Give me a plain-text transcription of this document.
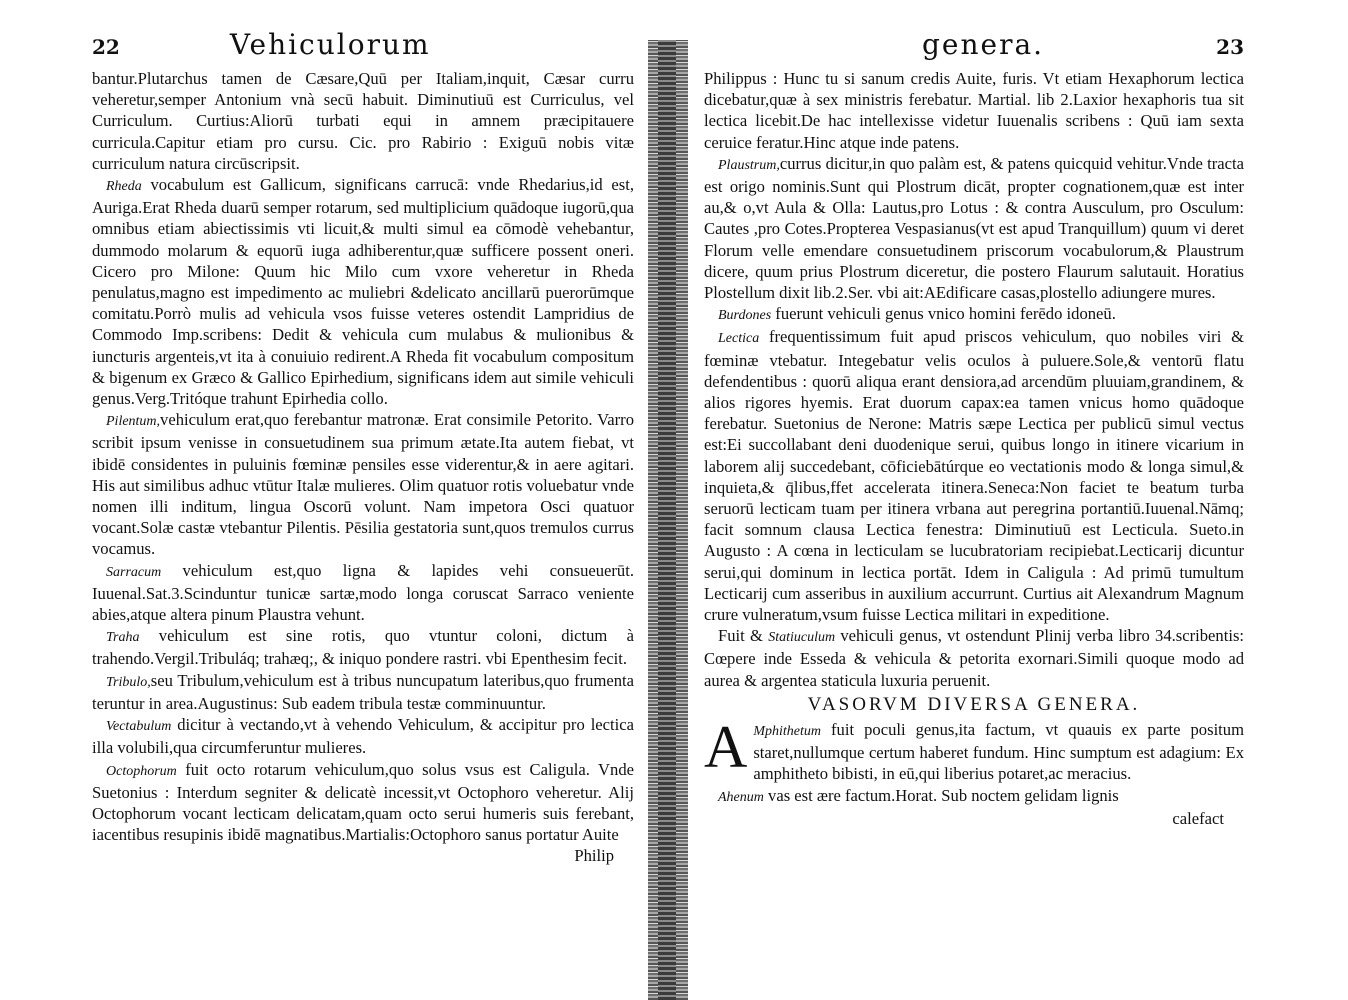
22	Vehiculorum

bantur.Plutarchus tamen de Cæsare,Quū per Italiam,inquit, Cæsar curru veheretur,semper Antonium vnà secū habuit. Diminutiuū est Curriculus, vel Curriculum. Curtius:Aliorū turbati equi in amnem præcipitauere curricula.Capitur etiam pro cursu. Cic. pro Rabirio : Exiguū nobis vitæ curriculum natura circūscripsit.

Rheda vocabulum est Gallicum, significans carrucā: vnde Rhedarius,id est, Auriga.Erat Rheda duarū semper rotarum, sed multiplicium quādoque iugorū,qua omnibus etiam abiectissimis vti licuit,& multi simul ea cōmodè vehebantur, dummodo molarum & equorū iuga adhiberentur,quæ sufficere possent oneri. Cicero pro Milone: Quum hic Milo cum vxore veheretur in Rheda penulatus,magno est impedimento ac muliebri &delicato ancillarū puerorūmque comitatu.Porrò mulis ad vehicula vsos fuisse veteres ostendit Lampridius de Commodo Imp.scribens: Dedit & vehicula cum mulabus & mulionibus & iuncturis argenteis,vt ita à conuiuio redirent.A Rheda fit vocabulum compositum & bigenum ex Græco & Gallico Epirhedium, significans idem aut simile vehiculi genus.Verg.Tritóque trahunt Epirhedia collo.

Pilentum,vehiculum erat,quo ferebantur matronæ. Erat consimile Petorito. Varro scribit ipsum venisse in consuetudinem sua primum ætate.Ita autem fiebat, vt ibidē considentes in puluinis fœminæ pensiles esse viderentur,& in aere agitari. His aut similibus adhuc vtūtur Italæ mulieres. Olim quatuor rotis voluebatur vnde nomen illi inditum, lingua Oscorū volunt. Nam impetora Osci quatuor vocant.Solæ castæ vtebantur Pilentis. Pēsilia gestatoria sunt,quos tremulos currus vocamus.

Sarracum vehiculum est,quo ligna & lapides vehi consueuerūt. Iuuenal.Sat.3.Scinduntur tunicæ sartæ,modo longa coruscat Sarraco veniente abies,atque altera pinum Plaustra vehunt.

Traha vehiculum est sine rotis, quo vtuntur coloni, dictum à trahendo.Vergil.Tribuláq; trahæq;, & iniquo pondere rastri. vbi Epenthesim fecit.

Tribulo,seu Tribulum,vehiculum est à tribus nuncupatum lateribus,quo frumenta teruntur in area.Augustinus: Sub eadem tribula testæ comminuuntur.

Vectabulum dicitur à vectando,vt à vehendo Vehiculum, & accipitur pro lectica illa volubili,qua circumferuntur mulieres.

Octophorum fuit octo rotarum vehiculum,quo solus vsus est Caligula. Vnde Suetonius : Interdum segniter & delicatè incessit,vt Octophoro veheretur. Alij Octophorum vocant lecticam delicatam,quam octo serui humeris suis ferebant, iacentibus resupinis ibidē magnatibus.Martialis:Octophoro sanus portatur Auite

Philip
genera.	23

Philippus : Hunc tu si sanum credis Auite, furis. Vt etiam Hexaphorum lectica dicebatur,quæ à sex ministris ferebatur. Martial. lib 2.Laxior hexaphoris tua sit lectica licebit.De hac intellexisse videtur Iuuenalis scribens : Quū iam sexta ceruice feratur.Hinc atque inde patens.

Plaustrum,currus dicitur,in quo palàm est, & patens quicquid vehitur.Vnde tracta est origo nominis.Sunt qui Plostrum dicāt, propter cognationem,quæ est inter au,& o,vt Aula & Olla: Lautus,pro Lotus : & contra Ausculum, pro Osculum: Cautes ,pro Cotes.Propterea Vespasianus(vt est apud Tranquillum) quum vi deret Florum velle emendare consuetudinem priscorum vocabulorum,& Plaustrum dicere, quum prius Plostrum diceretur, die postero Flaurum salutauit. Horatius Plostellum dixit lib.2.Ser. vbi ait:AEdificare casas,plostello adiungere mures.

Burdones fuerunt vehiculi genus vnico homini ferēdo idoneū.

Lectica frequentissimum fuit apud priscos vehiculum, quo nobiles viri & fœminæ vtebatur. Integebatur velis oculos à puluere.Sole,& ventorū flatu defendentibus : quorū aliqua erant densiora,ad arcendūm pluuiam,grandinem, & alios rigores hyemis. Erat duorum capax:ea tamen vnicus homo quādoque ferebatur. Suetonius de Nerone: Matris sæpe Lectica per publicū simul vectus est:Ei succollabant deni duodenique serui, quibus longo in itinere vicarium in laborem alij succedebant, cōficiebātúrque eo vectationis modo & longa simul,& inquieta,& q̄libus,ffet accelerata itinera.Seneca:Non faciet te beatum turba seruorū lecticam tuam per itinera vrbana aut peregrina portantiū.Iuuenal.Nāmq; facit somnum clausa Lectica fenestra: Diminutiuū est Lecticula. Sueto.in Augusto : A cœna in lecticulam se lucubratoriam recipiebat.Lecticarij dicuntur serui,qui dominum in lectica portāt. Idem in Caligula : Ad primū tumultum Lecticarij cum asseribus in auxilium accurrunt. Curtius ait Alexandrum Magnum crure vulneratum,vsum fuisse Lectica militari in expeditione.

Fuit & Statiuculum vehiculi genus, vt ostendunt Plinij verba libro 34.scribentis: Cœpere inde Esseda & vehicula & petorita exornari.Simili quoque modo ad aurea & argentea staticula luxuria peruenit.

VASORVM DIVERSA GENERA.

A Mphithetum fuit poculi genus,ita factum, vt quauis ex parte positum staret,nullumque certum haberet fundum. Hinc sumptum est adagium: Ex amphitheto bibisti, in eū,qui liberius potaret,ac meracius.

Ahenum vas est ære factum.Horat. Sub noctem gelidam lignis

calefact
